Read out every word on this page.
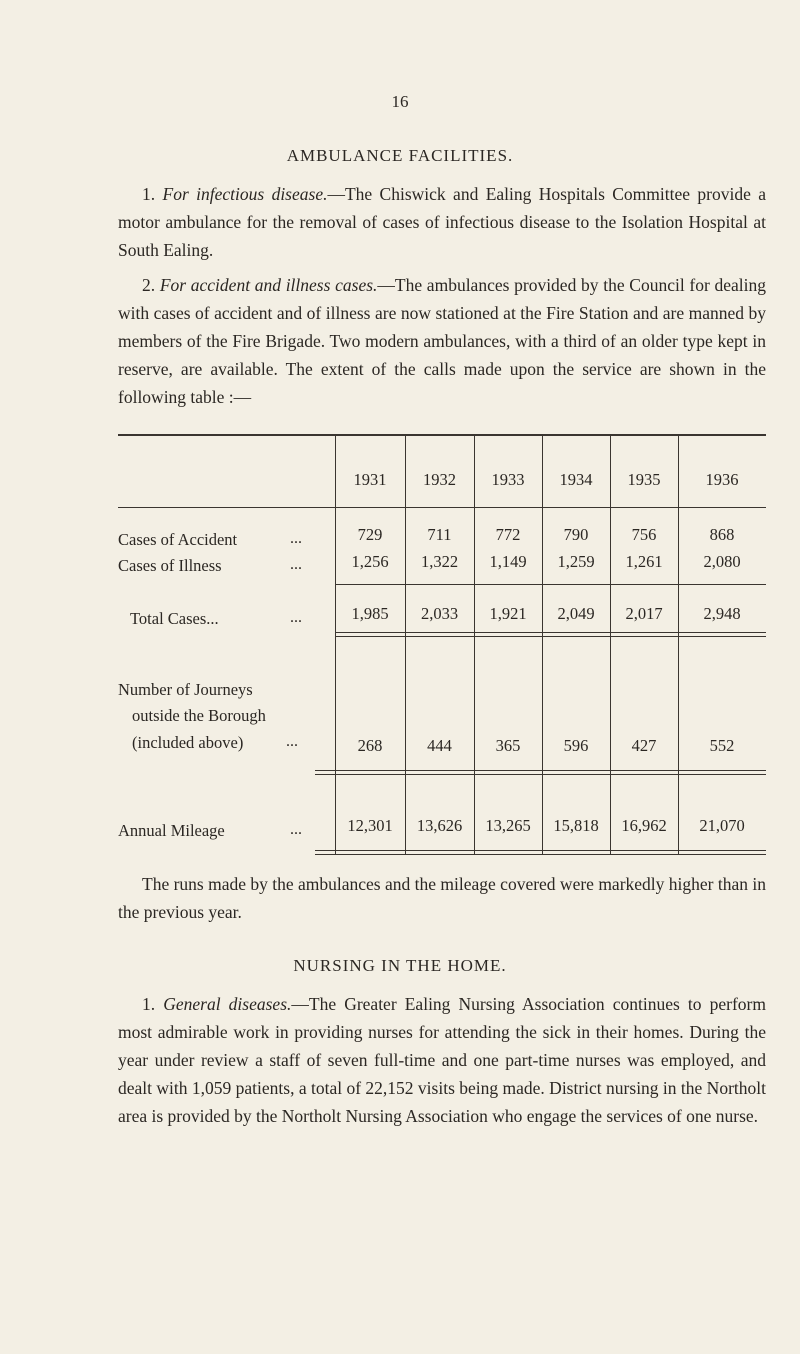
16
AMBULANCE FACILITIES.

1. For infectious disease.—The Chiswick and Ealing Hospitals Committee provide a motor ambulance for the removal of cases of infectious disease to the Isolation Hospital at South Ealing.

2. For accident and illness cases.—The ambulances provided by the Council for dealing with cases of accident and of illness are now stationed at the Fire Station and are manned by members of the Fire Brigade. Two modern ambulances, with a third of an older type kept in reserve, are available. The extent of the calls made upon the service are shown in the following table :—

1931	1932	1933	1934	1935	1936
Cases of Accident	...	729	711	772	790	756	868
Cases of Illness	...	1,256	1,322	1,149	1,259	1,261	2,080
Total Cases...	...	1,985	2,033	1,921	2,049	2,017	2,948
Number of Journeys
outside the Borough
(included above)	...	268	444	365	596	427	552
Annual Mileage	...	12,301	13,626	13,265	15,818	16,962	21,070

The runs made by the ambulances and the mileage covered were markedly higher than in the previous year.

NURSING IN THE HOME.

1. General diseases.—The Greater Ealing Nursing Association continues to perform most admirable work in providing nurses for attending the sick in their homes. During the year under review a staff of seven full-time and one part-time nurses was employed, and dealt with 1,059 patients, a total of 22,152 visits being made. District nursing in the Northolt area is provided by the Northolt Nursing Association who engage the services of one nurse.
